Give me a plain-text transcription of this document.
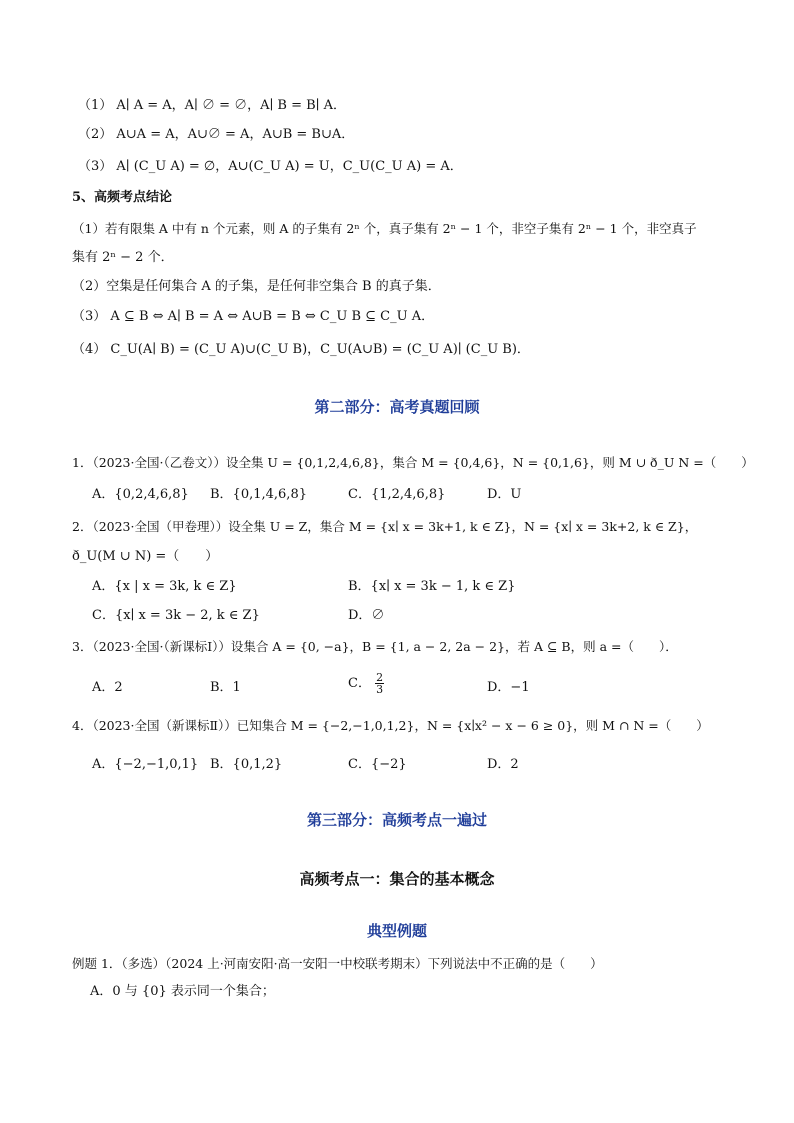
（1） A∣ A = A，A∣ ∅ = ∅，A∣ B = B∣ A．
（2） A∪A = A，A∪∅ = A，A∪B = B∪A．
（3） A∣ (C_U A) = ∅，A∪(C_U A) = U，C_U(C_U A) = A．
5、高频考点结论
（1）若有限集 A 中有 n 个元素，则 A 的子集有 2ⁿ 个，真子集有 2ⁿ − 1 个，非空子集有 2ⁿ − 1 个，非空真子
集有 2ⁿ − 2 个．
（2）空集是任何集合 A 的子集，是任何非空集合 B 的真子集．
（3） A ⊆ B ⇔ A∣ B = A ⇔ A∪B = B ⇔ C_U B ⊆ C_U A．
（4） C_U(A∣ B) = (C_U A)∪(C_U B)，C_U(A∪B) = (C_U A)∣ (C_U B)．
第二部分：高考真题回顾
1．（2023·全国·（乙卷文））设全集 U = {0,1,2,4,6,8}，集合 M = {0,4,6}，N = {0,1,6}，则 M ∪ ð_U N =（　　）
A．{0,2,4,6,8} B．{0,1,4,6,8}	C．{1,2,4,6,8}	D．U
2．（2023·全国（甲卷理））设全集 U = Z，集合 M = {x∣ x = 3k+1, k ∈ Z}，N = {x∣ x = 3k+2, k ∈ Z}，
ð_U(M ∪ N) =（　　）
A．{x | x = 3k, k ∈ Z}	B．{x∣ x = 3k − 1, k ∈ Z}
C．{x∣ x = 3k − 2, k ∈ Z}	D．∅
3．（2023·全国·（新课标Ⅰ））设集合 A = {0, −a}，B = {1, a − 2, 2a − 2}，若 A ⊆ B，则 a =（　　）．
A．2	B．1	C． $\frac{2}{3}$	D．−1
4．（2023·全国（新课标Ⅱ））已知集合 M = {−2,−1,0,1,2}，N = {x∣x² − x − 6 ≥ 0}，则 M ∩ N =（　　）
A．{−2,−1,0,1} B．{0,1,2}	C．{−2}	D．2
第三部分：高频考点一遍过
高频考点一：集合的基本概念
典型例题
例题 1．（多选）（2024 上·河南安阳·高一安阳一中校联考期末）下列说法中不正确的是（　　）
A．0 与 {0} 表示同一个集合；
